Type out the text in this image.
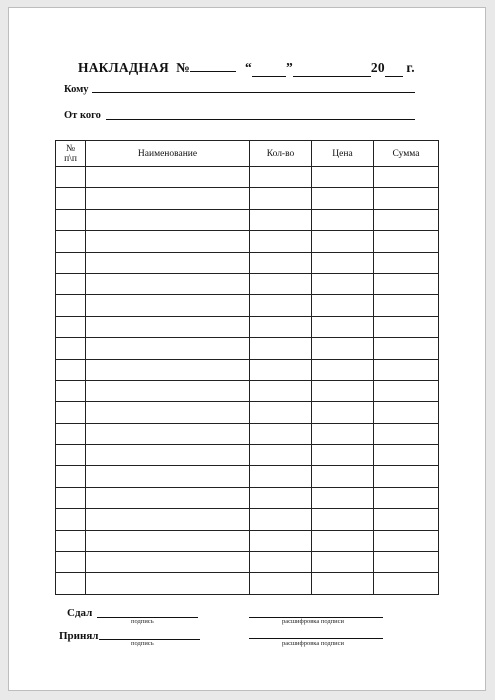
НАКЛАДНАЯ №	“	”	20 г.
Кому
От кого
№
п\п	Наименование	Кол-во	Цена	Сумма

Сдал
подпись	расшифровка подписи
Принял
подпись	расшифровка подписи
